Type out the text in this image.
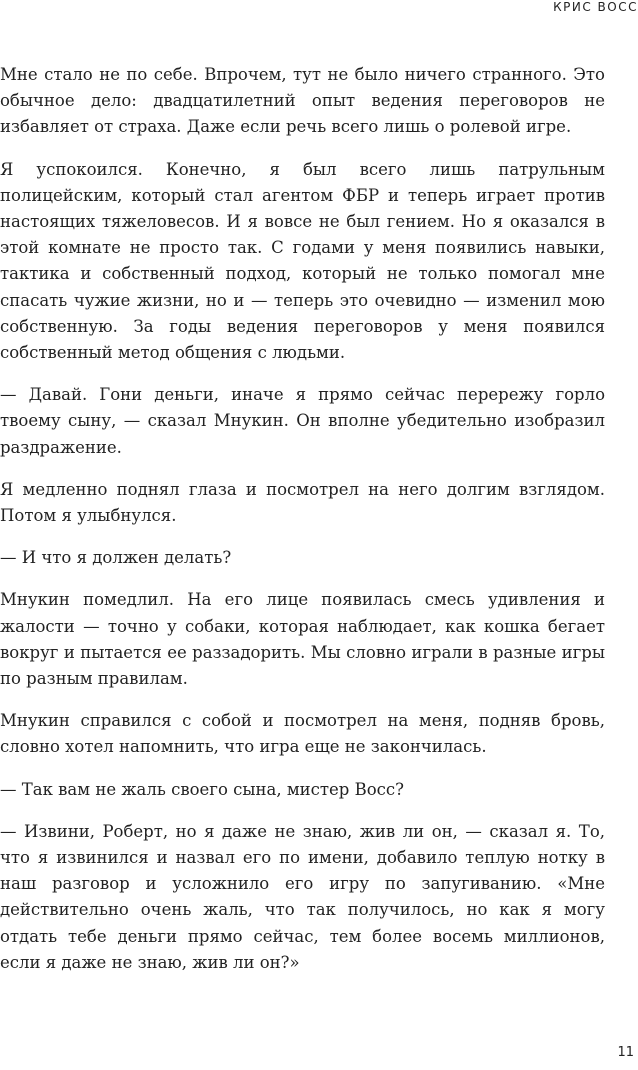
КРИС ВОСС

Мне стало не по себе. Впрочем, тут не было ничего странного. Это обычное дело: двадцатилетний опыт ведения переговоров не избавляет от страха. Даже если речь всего лишь о ролевой игре.

Я успокоился. Конечно, я был всего лишь патрульным полицейским, который стал агентом ФБР и теперь играет против настоящих тяжеловесов. И я вовсе не был гением. Но я оказался в этой комнате не просто так. С годами у меня появились навыки, тактика и собственный подход, который не только помогал мне спасать чужие жизни, но и — теперь это очевидно — изменил мою собственную. За годы ведения переговоров у меня появился собственный метод общения с людьми.

— Давай. Гони деньги, иначе я прямо сейчас перережу горло твоему сыну, — сказал Мнукин. Он вполне убедительно изобразил раздражение.

Я медленно поднял глаза и посмотрел на него долгим взглядом. Потом я улыбнулся.

— И что я должен делать?

Мнукин помедлил. На его лице появилась смесь удивления и жалости — точно у собаки, которая наблюдает, как кошка бегает вокруг и пытается ее раззадорить. Мы словно играли в разные игры по разным правилам.

Мнукин справился с собой и посмотрел на меня, подняв бровь, словно хотел напомнить, что игра еще не закончилась.

— Так вам не жаль своего сына, мистер Восс?

— Извини, Роберт, но я даже не знаю, жив ли он, — сказал я. То, что я извинился и назвал его по имени, добавило теплую нотку в наш разговор и усложнило его игру по запугиванию. «Мне действительно очень жаль, что так получилось, но как я могу отдать тебе деньги прямо сейчас, тем более восемь миллионов, если я даже не знаю, жив ли он?»

11
